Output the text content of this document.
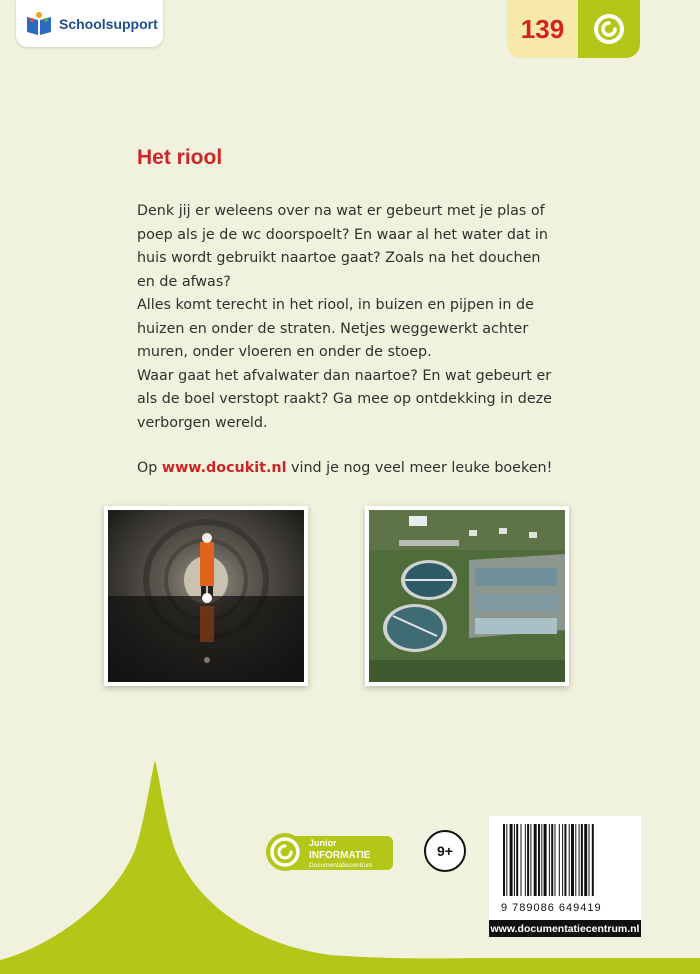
Schoolsupport	139
Het riool

Denk jij er weleens over na wat er gebeurt met je plas of poep als je de wc doorspoelt? En waar al het water dat in huis wordt gebruikt naartoe gaat? Zoals na het douchen en de afwas?

Alles komt terecht in het riool, in buizen en pijpen in de huizen en onder de straten. Netjes weggewerkt achter muren, onder vloeren en onder de stoep.

Waar gaat het afvalwater dan naartoe? En wat gebeurt er als de boel verstopt raakt? Ga mee op ontdekking in deze verborgen wereld.

Op www.docukit.nl vind je nog veel meer leuke boeken!

Junior
INFORMATIE
Documentatiecentrum
9+
9 789086 649419
www.documentatiecentrum.nl
